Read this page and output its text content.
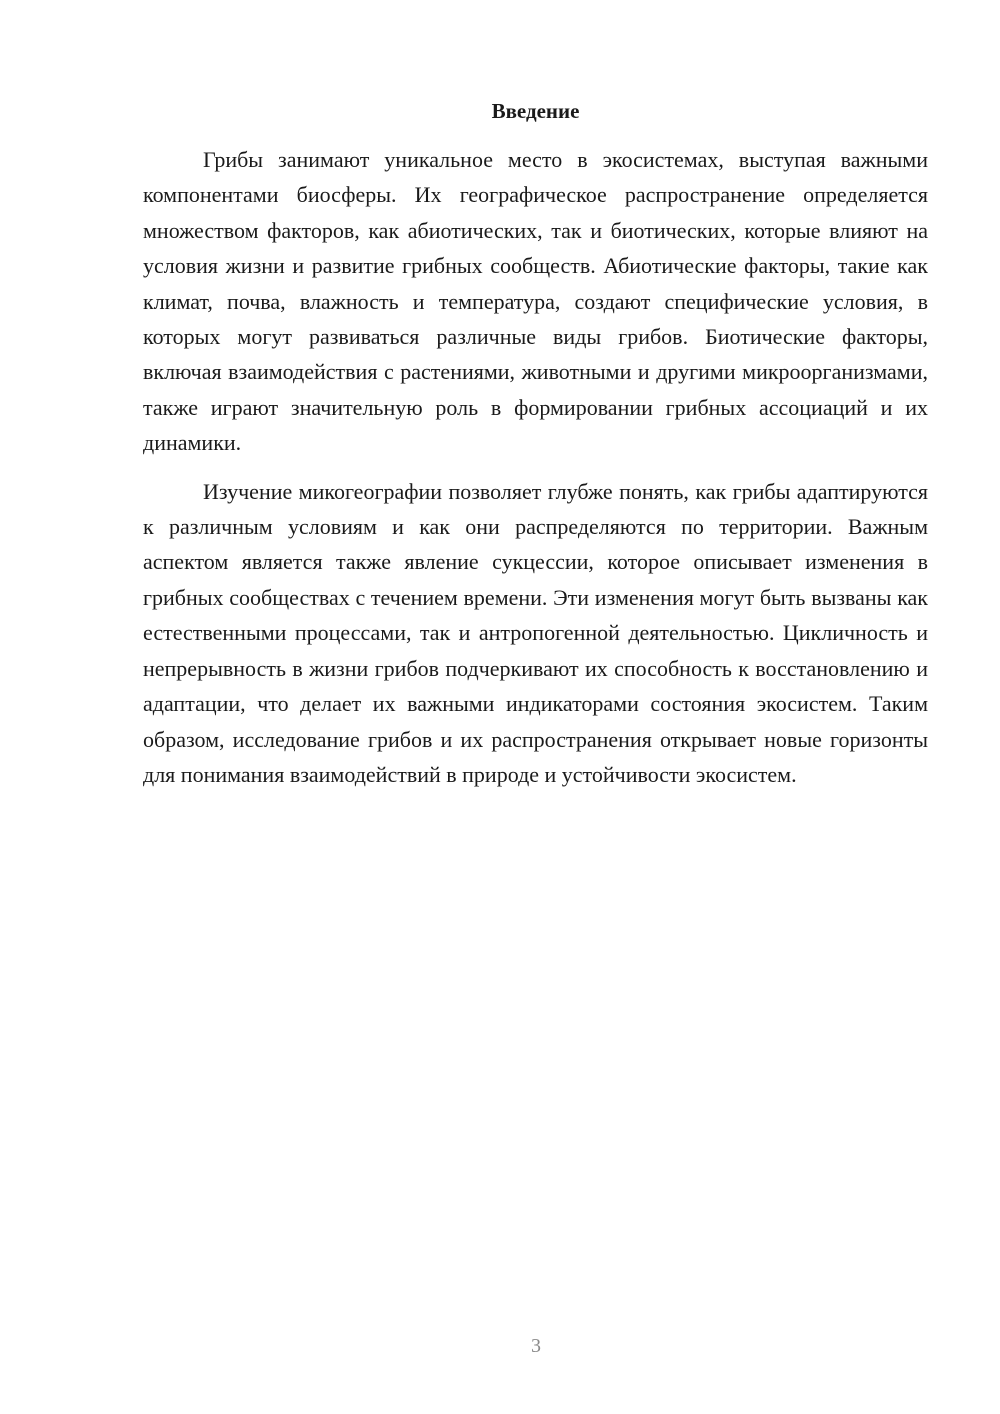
Введение

Грибы занимают уникальное место в экосистемах, выступая важными компонентами биосферы. Их географическое распространение определяется множеством факторов, как абиотических, так и биотических, которые влияют на условия жизни и развитие грибных сообществ. Абиотические факторы, такие как климат, почва, влажность и температура, создают специфические условия, в которых могут развиваться различные виды грибов. Биотические факторы, включая взаимодействия с растениями, животными и другими микроорганизмами, также играют значительную роль в формировании грибных ассоциаций и их динамики.

Изучение микогеографии позволяет глубже понять, как грибы адаптируются к различным условиям и как они распределяются по территории. Важным аспектом является также явление сукцессии, которое описывает изменения в грибных сообществах с течением времени. Эти изменения могут быть вызваны как естественными процессами, так и антропогенной деятельностью. Цикличность и непрерывность в жизни грибов подчеркивают их способность к восстановлению и адаптации, что делает их важными индикаторами состояния экосистем. Таким образом, исследование грибов и их распространения открывает новые горизонты для понимания взаимодействий в природе и устойчивости экосистем.

3
